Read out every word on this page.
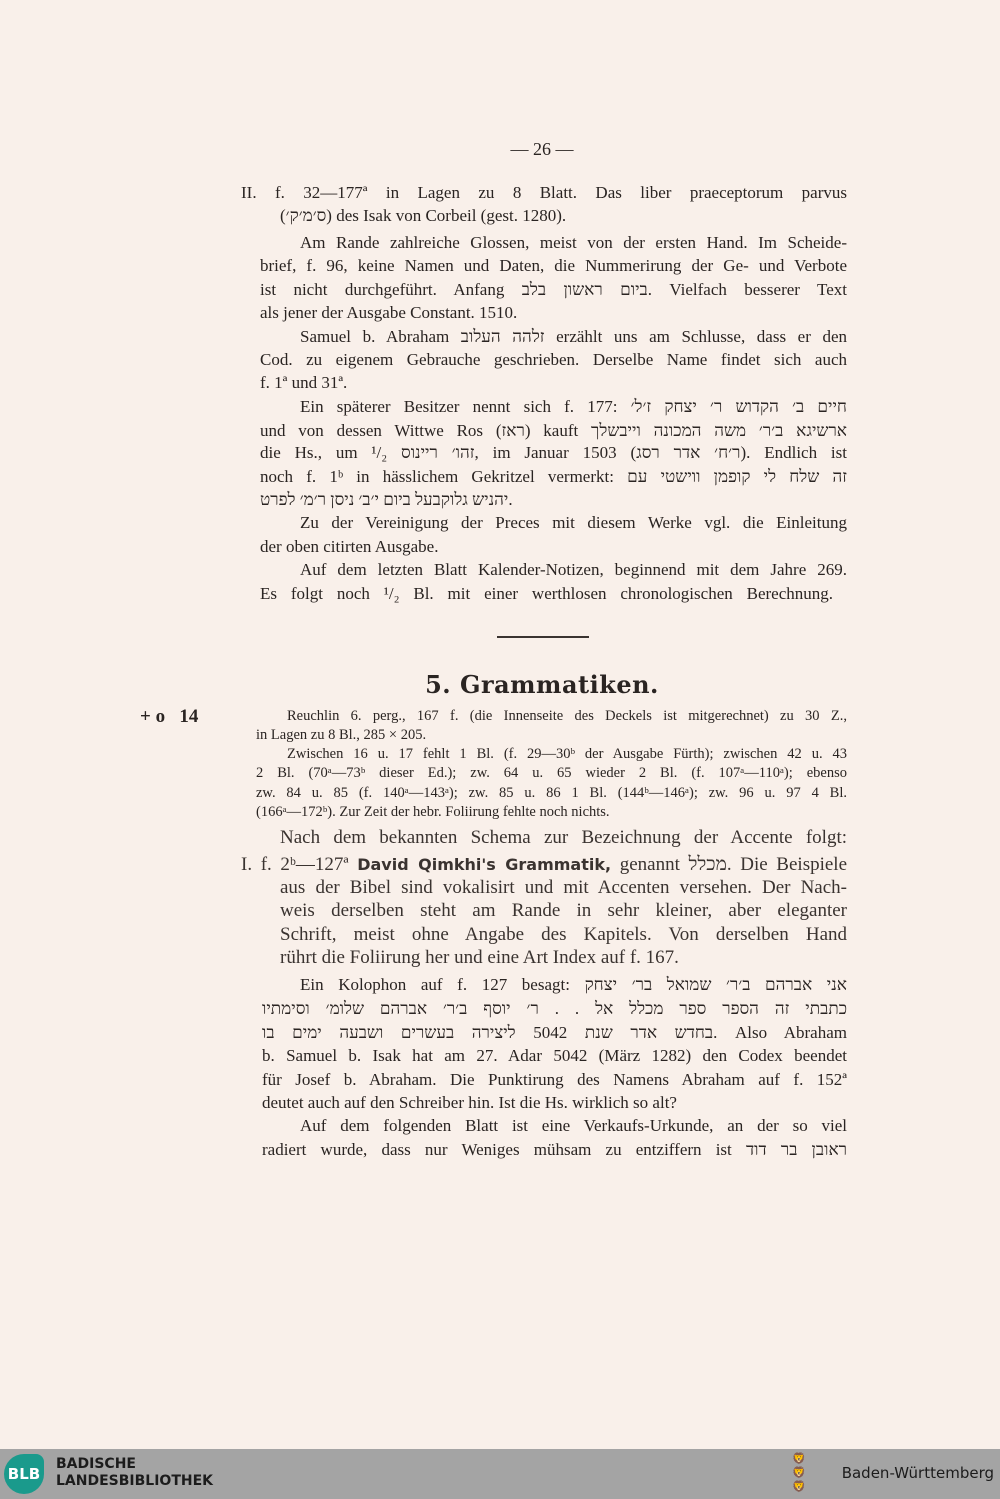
— 26 —
II. f. 32—177ª in Lagen zu 8 Blatt. Das liber praeceptorum parvus
(ס׳מ׳ק׳) des Isak von Corbeil (gest. 1280).
Am Rande zahlreiche Glossen, meist von der ersten Hand. Im Scheide-
brief, f. 96, keine Namen und Daten, die Nummerirung der Ge- und Verbote
ist nicht durchgeführt. Anfang ביום ראשון בלב. Vielfach besserer Text
als jener der Ausgabe Constant. 1510.
Samuel b. Abraham זלהה העלוב erzählt uns am Schlusse, dass er den
Cod. zu eigenem Gebrauche geschrieben. Derselbe Name findet sich auch
f. 1ª und 31ª.
Ein späterer Besitzer nennt sich f. 177: חיים ב׳ הקדוש ר׳ יצחק ז׳ל׳
und von dessen Wittwe Ros (ראז) kauft ארשיגא ב׳ר׳ משה המכונה וייבשלך
die Hs., um ¹/₂ זהו׳ ריינוס, im Januar 1503 (ר׳ח׳ אדר רסג). Endlich ist
noch f. 1ᵇ in hässlichem Gekritzel vermerkt: זה שלח לי קופמן ווישטי עם
יהניש גלוקבעל ביום י׳ב׳ ניסן ר׳מ׳ לפרט.
Zu der Vereinigung der Preces mit diesem Werke vgl. die Einleitung
der oben citirten Ausgabe.
Auf dem letzten Blatt Kalender-Notizen, beginnend mit dem Jahre 269.
Es folgt noch ¹/₂ Bl. mit einer werthlosen chronologischen Berechnung.
Reuchlin 6. perg., 167 f. (die Innenseite des Deckels ist mitgerechnet) zu 30 Z.,
in Lagen zu 8 Bl., 285 × 205.
Zwischen 16 u. 17 fehlt 1 Bl. (f. 29—30ᵇ der Ausgabe Fürth); zwischen 42 u. 43
2 Bl. (70ᵃ—73ᵇ dieser Ed.); zw. 64 u. 65 wieder 2 Bl. (f. 107ᵃ—110ᵃ); ebenso
zw. 84 u. 85 (f. 140ᵃ—143ᵃ); zw. 85 u. 86 1 Bl. (144ᵇ—146ᵃ); zw. 96 u. 97 4 Bl.
(166ᵃ—172ᵇ). Zur Zeit der hebr. Foliirung fehlte noch nichts.
Nach dem bekannten Schema zur Bezeichnung der Accente folgt:
aus der Bibel sind vokalisirt und mit Accenten versehen. Der Nach-
weis derselben steht am Rande in sehr kleiner, aber eleganter
Schrift, meist ohne Angabe des Kapitels. Von derselben Hand
rührt die Foliirung her und eine Art Index auf f. 167.
Ein Kolophon auf f. 127 besagt: אני אברהם ב׳ר׳ שמואל בר׳ יצחק
כתבתי זה הספר ספר מכלל אל . . ר׳ יוסף ב׳ר׳ אברהם שלומ׳ וסימתיו
בחדש אדר שנת 5042 ליצירה בעשרים ושבעה ימים בו. Also Abraham
b. Samuel b. Isak hat am 27. Adar 5042 (März 1282) den Codex beendet
für Josef b. Abraham. Die Punktirung des Namens Abraham auf f. 152ª
deutet auch auf den Schreiber hin. Ist die Hs. wirklich so alt?
Auf dem folgenden Blatt ist eine Verkaufs-Urkunde, an der so viel
radiert wurde, dass nur Weniges mühsam zu entziffern ist ראובן בר דוד
5. Grammatiken.
+ o   14
I. f. 2ᵇ—127ª David Qimkhi's Grammatik, genannt מכלל. Die Beispiele
BLB
BADISCHE
LANDESBIBLIOTHEK
🦁
🦁
🦁
Baden-Württemberg
